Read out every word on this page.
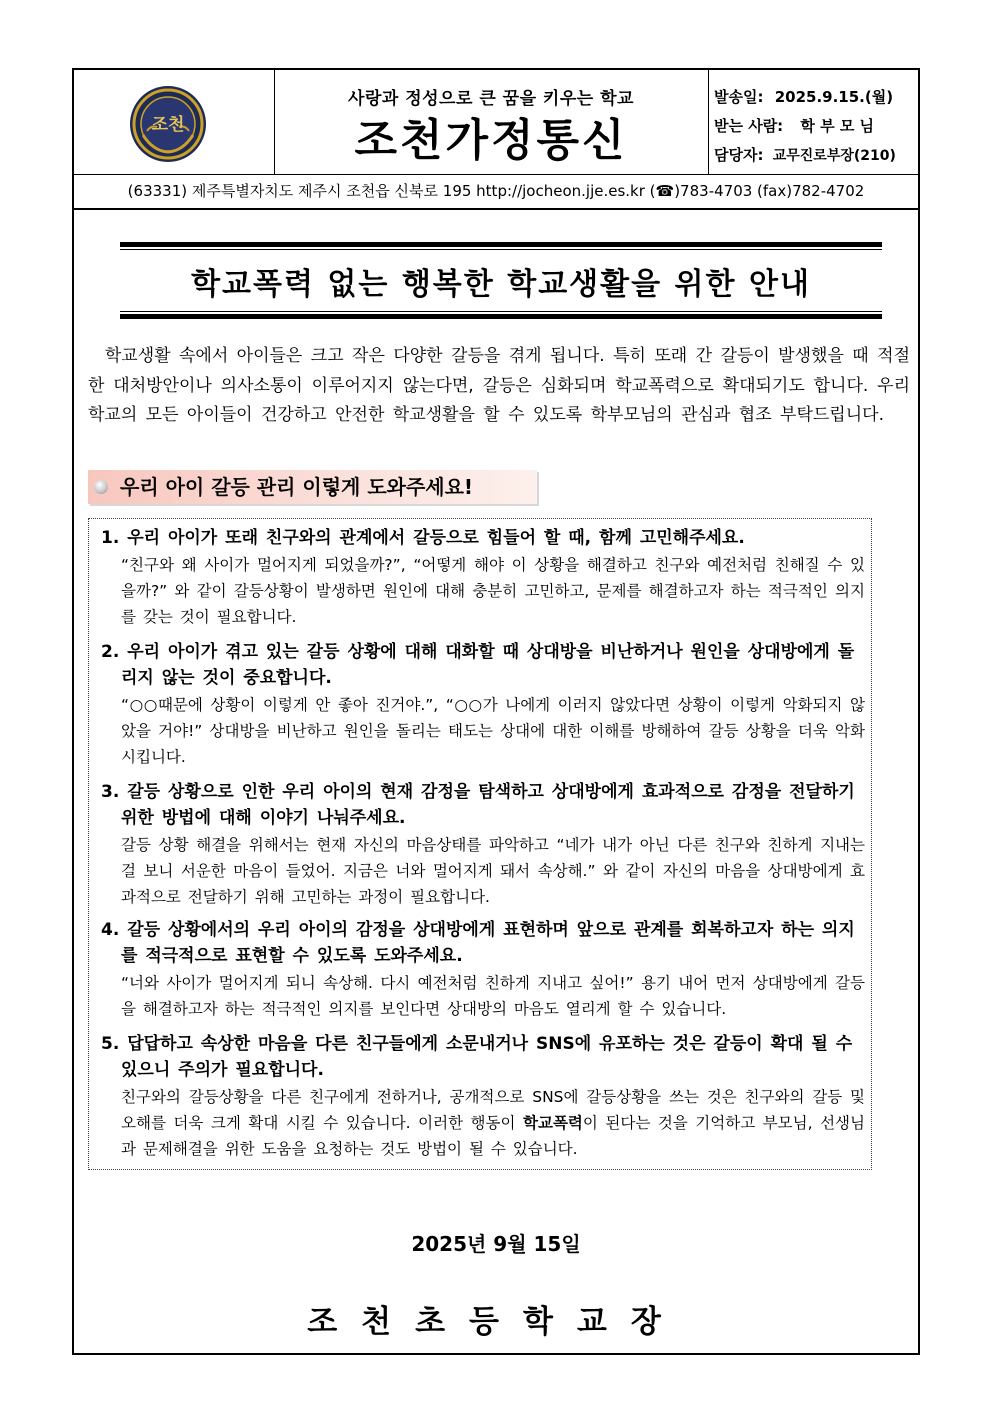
조천
사랑과 정성으로 큰 꿈을 키우는 학교
조천가정통신
발송일: 2025.9.15.(월)
받는 사람: 학 부 모 님
담당자: 교무진로부장(210)
(63331) 제주특별자치도 제주시 조천읍 신북로 195 http://jocheon.jje.es.kr (☎)783-4703 (fax)782-4702
학교폭력 없는 행복한 학교생활을 위한 안내
학교생활 속에서 아이들은 크고 작은 다양한 갈등을 겪게 됩니다. 특히 또래 간 갈등이 발생했을 때 적절한 대처방안이나 의사소통이 이루어지지 않는다면, 갈등은 심화되며 학교폭력으로 확대되기도 합니다. 우리 학교의 모든 아이들이 건강하고 안전한 학교생활을 할 수 있도록 학부모님의 관심과 협조 부탁드립니다.
우리 아이 갈등 관리 이렇게 도와주세요!
1. 우리 아이가 또래 친구와의 관계에서 갈등으로 힘들어 할 때, 함께 고민해주세요.
“친구와 왜 사이가 멀어지게 되었을까?”, “어떻게 해야 이 상황을 해결하고 친구와 예전처럼 친해질 수 있을까?” 와 같이 갈등상황이 발생하면 원인에 대해 충분히 고민하고, 문제를 해결하고자 하는 적극적인 의지를 갖는 것이 필요합니다.
2. 우리 아이가 겪고 있는 갈등 상황에 대해 대화할 때 상대방을 비난하거나 원인을 상대방에게 돌리지 않는 것이 중요합니다.
“○○때문에 상황이 이렇게 안 좋아 진거야.”, “○○가 나에게 이러지 않았다면 상황이 이렇게 악화되지 않았을 거야!” 상대방을 비난하고 원인을 돌리는 태도는 상대에 대한 이해를 방해하여 갈등 상황을 더욱 악화시킵니다.
3. 갈등 상황으로 인한 우리 아이의 현재 감정을 탐색하고 상대방에게 효과적으로 감정을 전달하기 위한 방법에 대해 이야기 나눠주세요.
갈등 상황 해결을 위해서는 현재 자신의 마음상태를 파악하고 “네가 내가 아닌 다른 친구와 친하게 지내는 걸 보니 서운한 마음이 들었어. 지금은 너와 멀어지게 돼서 속상해.” 와 같이 자신의 마음을 상대방에게 효과적으로 전달하기 위해 고민하는 과정이 필요합니다.
4. 갈등 상황에서의 우리 아이의 감정을 상대방에게 표현하며 앞으로 관계를 회복하고자 하는 의지를 적극적으로 표현할 수 있도록 도와주세요.
“너와 사이가 멀어지게 되니 속상해. 다시 예전처럼 친하게 지내고 싶어!” 용기 내어 먼저 상대방에게 갈등을 해결하고자 하는 적극적인 의지를 보인다면 상대방의 마음도 열리게 할 수 있습니다.
5. 답답하고 속상한 마음을 다른 친구들에게 소문내거나 SNS에 유포하는 것은 갈등이 확대 될 수 있으니 주의가 필요합니다.
친구와의 갈등상황을 다른 친구에게 전하거나, 공개적으로 SNS에 갈등상황을 쓰는 것은 친구와의 갈등 및 오해를 더욱 크게 확대 시킬 수 있습니다. 이러한 행동이 학교폭력이 된다는 것을 기억하고 부모님, 선생님과 문제해결을 위한 도움을 요청하는 것도 방법이 될 수 있습니다.
2025년 9월 15일
조천초등학교장
